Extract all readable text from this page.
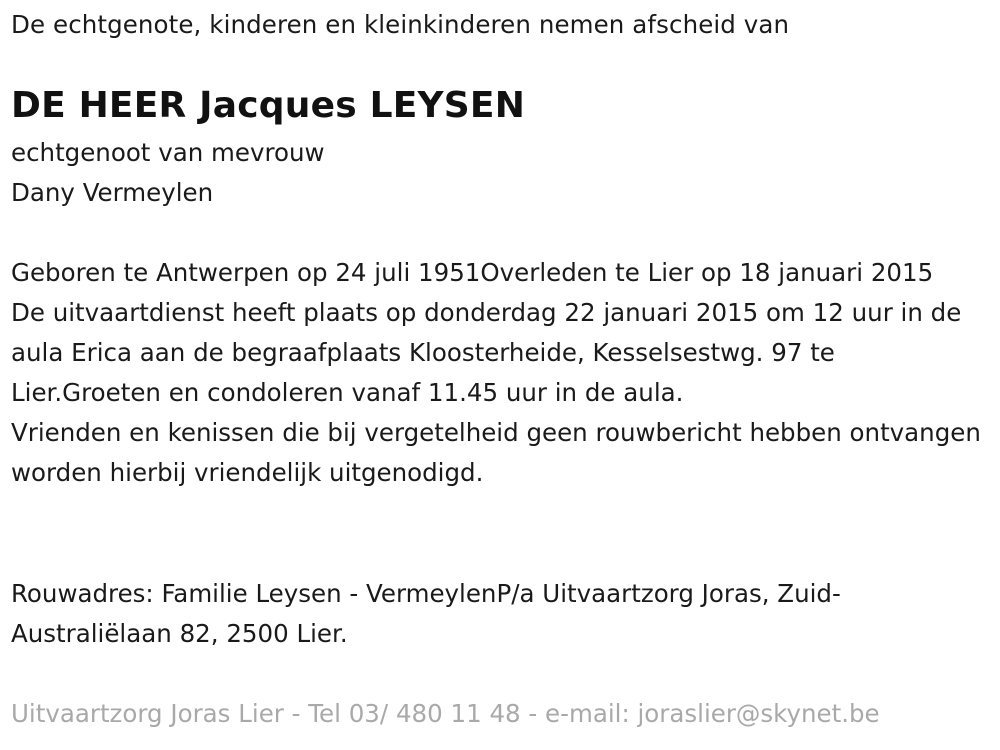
De echtgenote, kinderen en kleinkinderen nemen afscheid van
DE HEER Jacques LEYSEN
echtgenoot van mevrouw
Dany Vermeylen

Geboren te Antwerpen op 24 juli 1951Overleden te Lier op 18 januari 2015

De uitvaartdienst heeft plaats op donderdag 22 januari 2015 om 12 uur in de aula Erica aan de begraafplaats Kloosterheide, Kesselsestwg. 97 te Lier.Groeten en condoleren vanaf 11.45 uur in de aula.

Vrienden en kenissen die bij vergetelheid geen rouwbericht hebben ontvangen worden hierbij vriendelijk uitgenodigd.

Rouwadres: Familie Leysen - VermeylenP/a Uitvaartzorg Joras, Zuid-Australiëlaan 82, 2500 Lier.

Uitvaartzorg Joras Lier - Tel 03/ 480 11 48 - e-mail: joraslier@skynet.be
